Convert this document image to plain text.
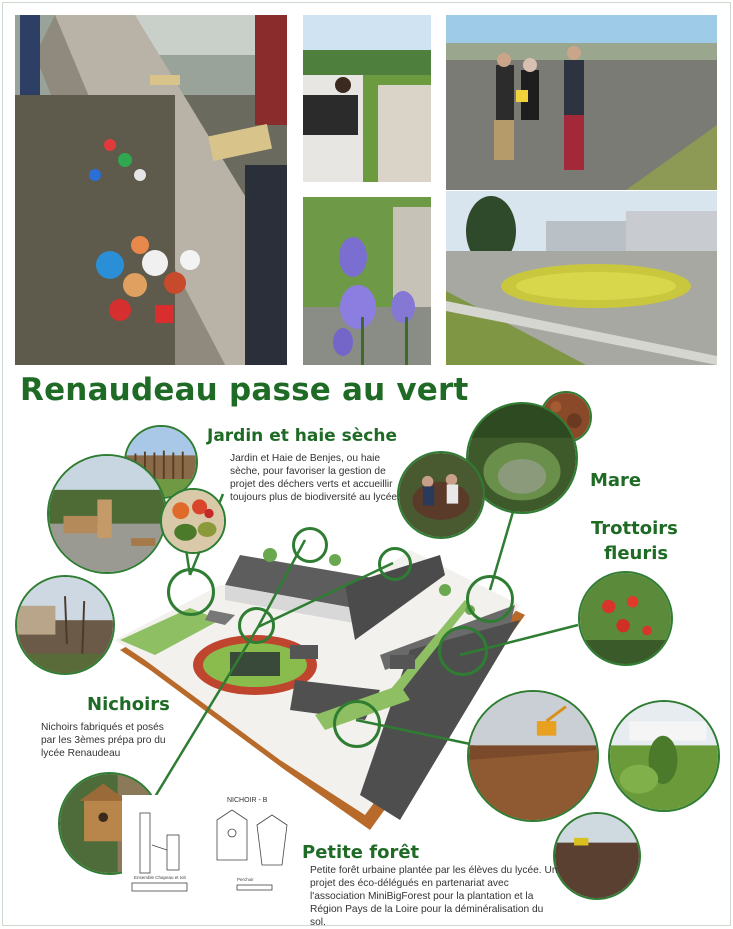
Renaudeau passe au vert
NICHOIR - B
Ensemble Chapeau et toit	Perchoir
Jardin et haie sèche
Jardin et Haie de Benjes, ou haie sèche, pour favoriser la gestion de projet des déchers verts et accueillir toujours plus de biodiversité au lycée.
Mare
Trottoirs
fleuris
Nichoirs
Nichoirs fabriqués et posés par les 3èmes prépa pro du lycée Renaudeau
Petite forêt
Petite forêt urbaine plantée par les élèves du lycée. Un projet des éco-délégués en partenariat avec l'association MiniBigForest pour la plantation et la Région Pays de la Loire pour la déminéralisation du sol.
